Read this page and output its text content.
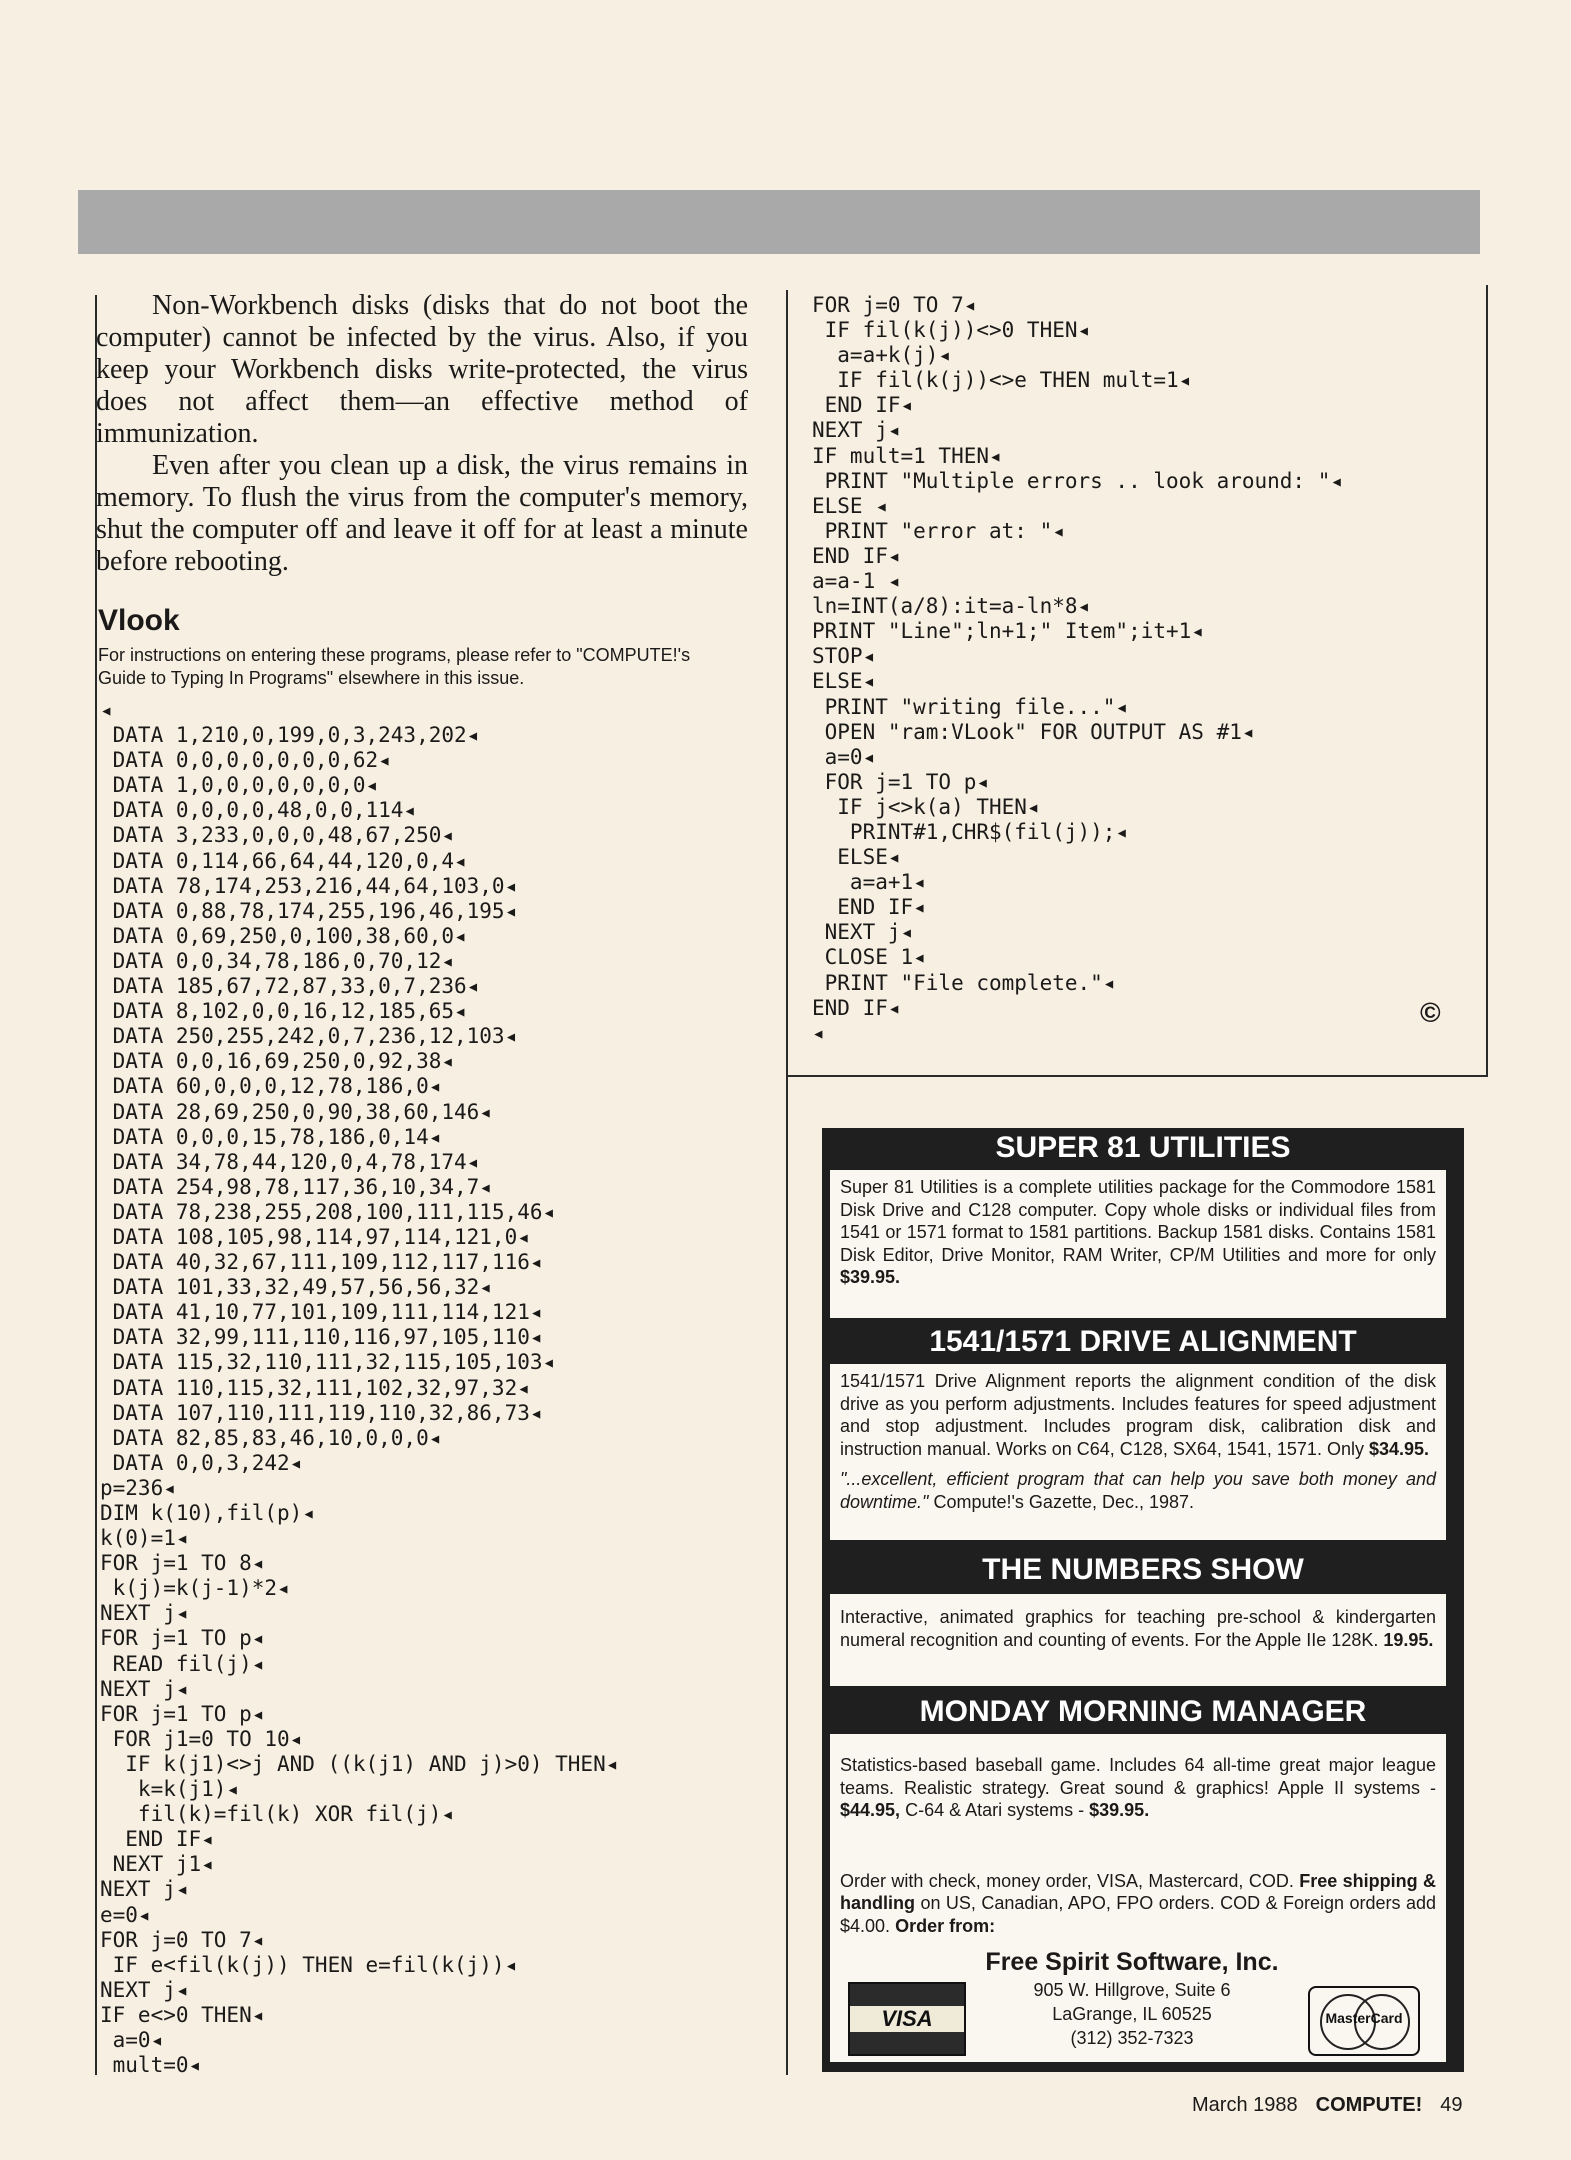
Non-Workbench disks (disks that do not boot the computer) cannot be infected by the virus. Also, if you keep your Workbench disks write-protected, the virus does not affect them—an effective method of immunization.

Even after you clean up a disk, the virus remains in memory. To flush the virus from the computer's memory, shut the computer off and leave it off for at least a minute before rebooting.

Vlook
For instructions on entering these programs, please refer to "COMPUTE!'s Guide to Typing In Programs" elsewhere in this issue.
◂
DATA 1,210,0,199,0,3,243,202◂
DATA 0,0,0,0,0,0,0,62◂
DATA 1,0,0,0,0,0,0,0◂
DATA 0,0,0,0,48,0,0,114◂
DATA 3,233,0,0,0,48,67,250◂
DATA 0,114,66,64,44,120,0,4◂
DATA 78,174,253,216,44,64,103,0◂
DATA 0,88,78,174,255,196,46,195◂
DATA 0,69,250,0,100,38,60,0◂
DATA 0,0,34,78,186,0,70,12◂
DATA 185,67,72,87,33,0,7,236◂
DATA 8,102,0,0,16,12,185,65◂
DATA 250,255,242,0,7,236,12,103◂
DATA 0,0,16,69,250,0,92,38◂
DATA 60,0,0,0,12,78,186,0◂
DATA 28,69,250,0,90,38,60,146◂
DATA 0,0,0,15,78,186,0,14◂
DATA 34,78,44,120,0,4,78,174◂
DATA 254,98,78,117,36,10,34,7◂
DATA 78,238,255,208,100,111,115,46◂
DATA 108,105,98,114,97,114,121,0◂
DATA 40,32,67,111,109,112,117,116◂
DATA 101,33,32,49,57,56,56,32◂
DATA 41,10,77,101,109,111,114,121◂
DATA 32,99,111,110,116,97,105,110◂
DATA 115,32,110,111,32,115,105,103◂
DATA 110,115,32,111,102,32,97,32◂
DATA 107,110,111,119,110,32,86,73◂
DATA 82,85,83,46,10,0,0,0◂
DATA 0,0,3,242◂
p=236◂
DIM k(10),fil(p)◂
k(0)=1◂
FOR j=1 TO 8◂
k(j)=k(j-1)*2◂
NEXT j◂
FOR j=1 TO p◂
READ fil(j)◂
NEXT j◂
FOR j=1 TO p◂
FOR j1=0 TO 10◂
IF k(j1)<>j AND ((k(j1) AND j)>0) THEN◂
k=k(j1)◂
fil(k)=fil(k) XOR fil(j)◂
END IF◂
NEXT j1◂
NEXT j◂
e=0◂
FOR j=0 TO 7◂
IF e<fil(k(j)) THEN e=fil(k(j))◂
NEXT j◂
IF e<>0 THEN◂
a=0◂
mult=0◂
FOR j=0 TO 7◂
IF fil(k(j))<>0 THEN◂
a=a+k(j)◂
IF fil(k(j))<>e THEN mult=1◂
END IF◂
NEXT j◂
IF mult=1 THEN◂
PRINT "Multiple errors .. look around: "◂
ELSE ◂
PRINT "error at: "◂
END IF◂
a=a-1 ◂
ln=INT(a/8):it=a-ln*8◂
PRINT "Line";ln+1;" Item";it+1◂
STOP◂
ELSE◂
PRINT "writing file..."◂
OPEN "ram:VLook" FOR OUTPUT AS #1◂
a=0◂
FOR j=1 TO p◂
IF j<>k(a) THEN◂
PRINT#1,CHR$(fil(j));◂
ELSE◂
a=a+1◂
END IF◂
NEXT j◂
CLOSE 1◂
PRINT "File complete."◂
END IF◂
◂
©
SUPER 81 UTILITIES

Super 81 Utilities is a complete utilities package for the Commodore 1581 Disk Drive and C128 computer. Copy whole disks or individual files from 1541 or 1571 format to 1581 partitions. Backup 1581 disks. Contains 1581 Disk Editor, Drive Monitor, RAM Writer, CP/M Utilities and more for only $39.95.

1541/1571 DRIVE ALIGNMENT

1541/1571 Drive Alignment reports the alignment condition of the disk drive as you perform adjustments. Includes features for speed adjustment and stop adjustment. Includes program disk, calibration disk and instruction manual. Works on C64, C128, SX64, 1541, 1571. Only $34.95.

"...excellent, efficient program that can help you save both money and downtime." Compute!'s Gazette, Dec., 1987.

THE NUMBERS SHOW

Interactive, animated graphics for teaching pre-school & kindergarten numeral recognition and counting of events. For the Apple IIe 128K. 19.95.

MONDAY MORNING MANAGER

Statistics-based baseball game. Includes 64 all-time great major league teams. Realistic strategy. Great sound & graphics! Apple II systems - $44.95, C-64 & Atari systems - $39.95.

Order with check, money order, VISA, Mastercard, COD. Free shipping & handling on US, Canadian, APO, FPO orders. COD & Foreign orders add $4.00. Order from:

Free Spirit Software, Inc.
905 W. Hillgrove, Suite 6
LaGrange, IL 60525
(312) 352-7323
VISA	MasterCard
March 1988 COMPUTE! 49
